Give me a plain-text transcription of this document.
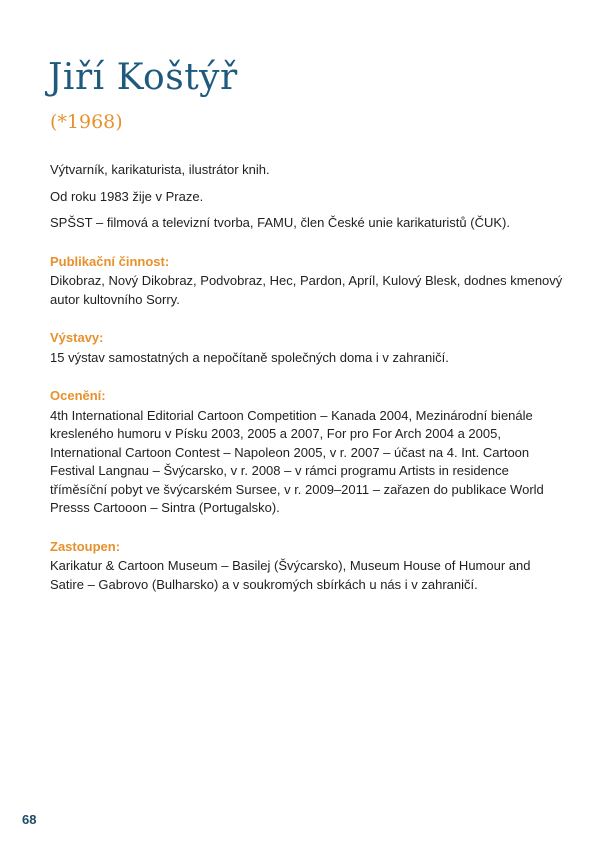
Jiří Koštýř
(*1968)

Výtvarník, karikaturista, ilustrátor knih.

Od roku 1983 žije v Praze.

SPŠST – filmová a televizní tvorba, FAMU, člen České unie karikaturistů (ČUK).

Publikační činnost:

Dikobraz, Nový Dikobraz, Podvobraz, Hec, Pardon, Apríl, Kulový Blesk, dodnes kmenový autor kultovního Sorry.

Výstavy:

15 výstav samostatných a nepočítaně společných doma i v zahraničí.

Ocenění:

4th International Editorial Cartoon Competition – Kanada 2004, Mezinárodní bienále kresleného humoru v Písku 2003, 2005 a 2007, For pro For Arch 2004 a 2005, International Cartoon Contest – Napoleon 2005, v r. 2007 – účast na 4. Int. Cartoon Festival Langnau – Švýcarsko, v r. 2008 – v rámci programu Artists in residence tříměsíční pobyt ve švýcarském Sursee, v r. 2009–2011 – zařazen do publikace World Presss Cartooon – Sintra (Portugalsko).

Zastoupen:

Karikatur & Cartoon Museum – Basilej (Švýcarsko), Museum House of Humour and Satire – Gabrovo (Bulharsko) a v soukromých sbírkách u nás i v zahraničí.

68
